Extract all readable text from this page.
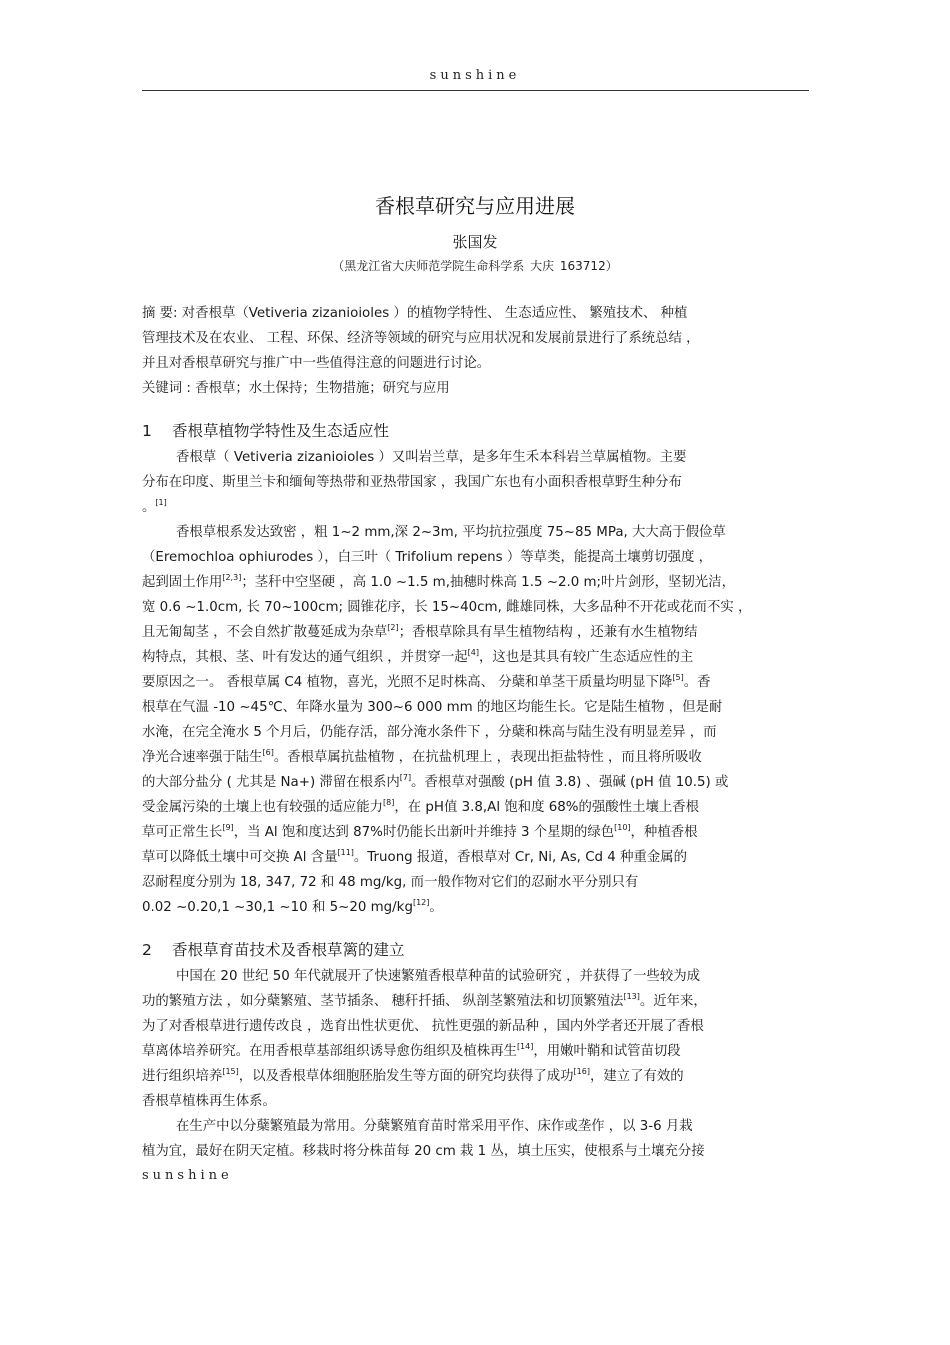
sunshine
香根草研究与应用进展
张国发
（黑龙江省大庆师范学院生命科学系 大庆 163712）

摘 要: 对香根草（Vetiveria zizanioioles ）的植物学特性、 生态适应性、 繁殖技术、 种植

管理技术及在农业、 工程、环保、经济等领域的研究与应用状况和发展前景进行了系统总结 ，

并且对香根草研究与推广中一些值得注意的问题进行讨论。

关键词 : 香根草；水土保持；生物措施；研究与应用

1 香根草植物学特性及生态适应性

香根草（ Vetiveria zizanioioles ）又叫岩兰草，是多年生禾本科岩兰草属植物。主要

分布在印度、斯里兰卡和缅甸等热带和亚热带国家 ，我国广东也有小面积香根草野生种分布

。[1]

香根草根系发达致密 ，粗 1~2 mm,深 2~3m, 平均抗拉强度 75~85 MPa, 大大高于假俭草

（Eremochloa ophiurodes ），白三叶（ Trifolium repens ）等草类，能提高土壤剪切强度 ，

起到固土作用[2,3]；茎秆中空坚硬 ，高 1.0 ~1.5 m,抽穗时株高 1.5 ~2.0 m;叶片剑形，坚韧光洁，

宽 0.6 ~1.0cm, 长 70~100cm; 圆锥花序，长 15~40cm, 雌雄同株，大多品种不开花或花而不实 ，

且无匍匐茎 ，不会自然扩散蔓延成为杂草[2]；香根草除具有旱生植物结构 ，还兼有水生植物结

构特点，其根、茎、叶有发达的通气组织 ，并贯穿一起[4]，这也是其具有较广生态适应性的主

要原因之一。 香根草属 C4 植物，喜光，光照不足时株高、 分蘖和单茎干质量均明显下降[5]。香

根草在气温 -10 ~45℃、年降水量为 300~6 000 mm 的地区均能生长。它是陆生植物 ，但是耐

水淹，在完全淹水 5 个月后，仍能存活，部分淹水条件下 ，分蘖和株高与陆生没有明显差异 ，而

净光合速率强于陆生[6]。香根草属抗盐植物 ，在抗盐机理上 ，表现出拒盐特性 ，而且将所吸收

的大部分盐分 ( 尤其是 Na+) 滞留在根系内[7]。香根草对强酸 (pH 值 3.8) 、强碱 (pH 值 10.5) 或

受金属污染的土壤上也有较强的适应能力[8]，在 pH值 3.8,Al 饱和度 68%的强酸性土壤上香根

草可正常生长[9]，当 Al 饱和度达到 87%时仍能长出新叶并维持 3 个星期的绿色[10]，种植香根

草可以降低土壤中可交换 Al 含量[11]。Truong 报道，香根草对 Cr, Ni, As, Cd 4 种重金属的

忍耐程度分别为 18, 347, 72 和 48 mg/kg, 而一般作物对它们的忍耐水平分别只有

0.02 ~0.20,1 ~30,1 ~10 和 5~20 mg/kg[12]。

2 香根草育苗技术及香根草篱的建立

中国在 20 世纪 50 年代就展开了快速繁殖香根草种苗的试验研究 ，并获得了一些较为成

功的繁殖方法 ，如分蘖繁殖、茎节插条、 穗秆扦插、 纵剖茎繁殖法和切顶繁殖法[13]。近年来，

为了对香根草进行遗传改良 ，选育出性状更优、 抗性更强的新品种 ，国内外学者还开展了香根

草离体培养研究。在用香根草基部组织诱导愈伤组织及植株再生[14]，用嫩叶鞘和试管苗切段

进行组织培养[15]，以及香根草体细胞胚胎发生等方面的研究均获得了成功[16]，建立了有效的

香根草植株再生体系。

在生产中以分蘖繁殖最为常用。分蘖繁殖育苗时常采用平作、床作或垄作 ，以 3-6 月栽

植为宜，最好在阴天定植。移栽时将分株苗每 20 cm 栽 1 丛，填土压实，使根系与土壤充分接

sunshine
